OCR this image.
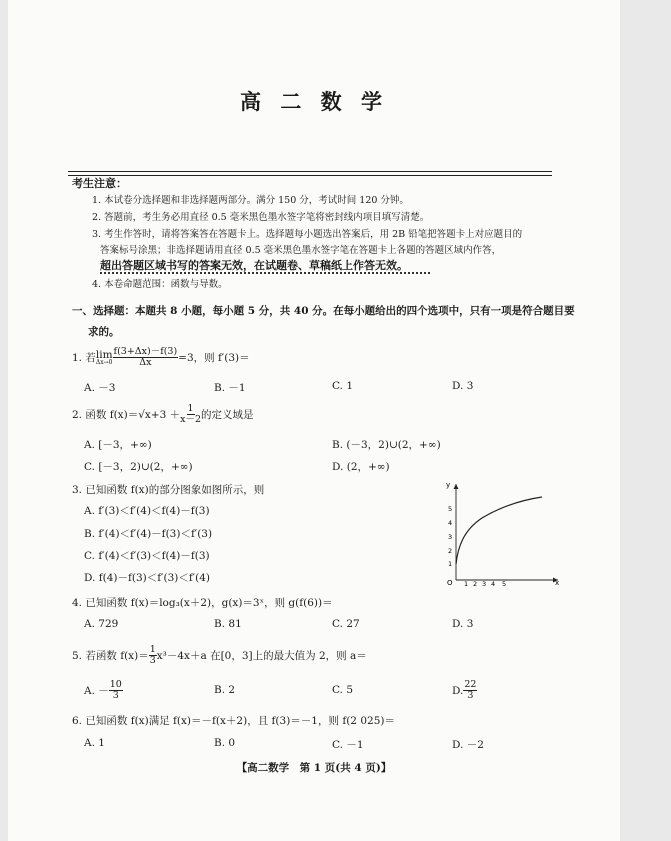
高 二 数 学
考生注意：
1. 本试卷分选择题和非选择题两部分。满分 150 分，考试时间 120 分钟。
2. 答题前，考生务必用直径 0.5 毫米黑色墨水签字笔将密封线内项目填写清楚。
3. 考生作答时，请将答案答在答题卡上。选择题每小题选出答案后，用 2B 铅笔把答题卡上对应题目的
答案标号涂黑；非选择题请用直径 0.5 毫米黑色墨水签字笔在答题卡上各题的答题区域内作答，
超出答题区域书写的答案无效，在试题卷、草稿纸上作答无效。
4. 本卷命题范围：函数与导数。
一、选择题：本题共 8 小题，每小题 5 分，共 40 分。在每小题给出的四个选项中，只有一项是符合题目要
求的。
1. 若 lim
$\Delta x\to 0 \frac{f(3+\Delta x)-f(3)}{\Delta x} =3$，则 f′(3)＝
A. －3	B. －1	C. 1	D. 3
2. 函数 $f(x)=√x+3 + \frac{1}{x-2}$ 的定义域是
A. [－3，+∞)	B. (－3，2)∪(2，+∞)
C. [－3，2)∪(2，+∞)	D. (2，+∞)
3. 已知函数 f(x)的部分图象如图所示，则
A. f′(3)＜f′(4)＜f(4)－f(3)
B. f′(4)＜f′(4)－f(3)＜f′(3)
C. f′(4)＜f′(3)＜f(4)－f(3)
D. f(4)－f(3)＜f′(3)＜f′(4)
y
x
O 1 2 3 4 5
1
2
3
4
5
4. 已知函数 f(x)＝log₃(x＋2)，g(x)＝3ˣ，则 g(f(6))＝
A. 729	B. 81	C. 27	D. 3
5. 若函数 $f(x)= \frac{1}{3} x^3-4x+a$ 在[0，3]上的最大值为 2，则 a＝
A. － $\frac{10}{3}$	B. 2	C. 5	D. $\frac{22}{3}$
6. 已知函数 f(x)满足 f(x)＝－f(x＋2)，且 f(3)＝－1，则 f(2 025)＝
A. 1	B. 0	C. －1	D. －2
【高二数学　第 1 页(共 4 页)】
